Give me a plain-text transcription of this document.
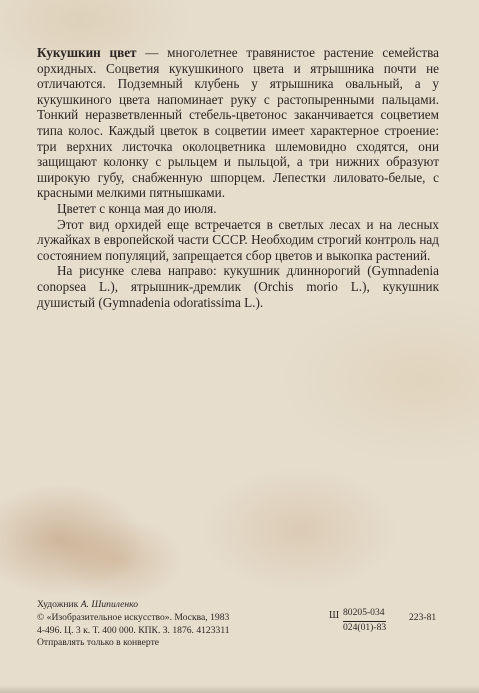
Кукушкин цвет — многолетнее травянистое растение семейства орхидных. Соцветия кукушкиного цвета и ятрышника почти не отличаются. Подземный клубень у ятрышника овальный, а у кукушкиного цвета напоминает руку с растопыренными пальцами. Тонкий неразветвленный стебель-цветонос заканчивается соцветием типа колос. Каждый цветок в соцветии имеет характерное строение: три верхних листочка околоцветника шлемовидно сходятся, они защищают колонку с рыльцем и пыльцой, а три нижних образуют широкую губу, снабженную шпорцем. Лепестки лиловато-белые, с красными мелкими пятнышками.

Цветет с конца мая до июля.

Этот вид орхидей еще встречается в светлых лесах и на лесных лужайках в европейской части СССР. Необходим строгий контроль над состоянием популяций, запрещается сбор цветов и выкопка растений.

На рисунке слева направо: кукушник длиннорогий (Gymnadenia conopsea L.), ятрышник-дремлик (Orchis morio L.), кукушник душистый (Gymnadenia odoratissima L.).

Художник А. Шипиленко
© «Изобразительное искусство». Москва, 1983
4-496. Ц. 3 к. Т. 400 000. КПК. З. 1876. 4123311
Отправлять только в конверте
Ш $\frac{80205-034}{024(01)-83} 223-81$
